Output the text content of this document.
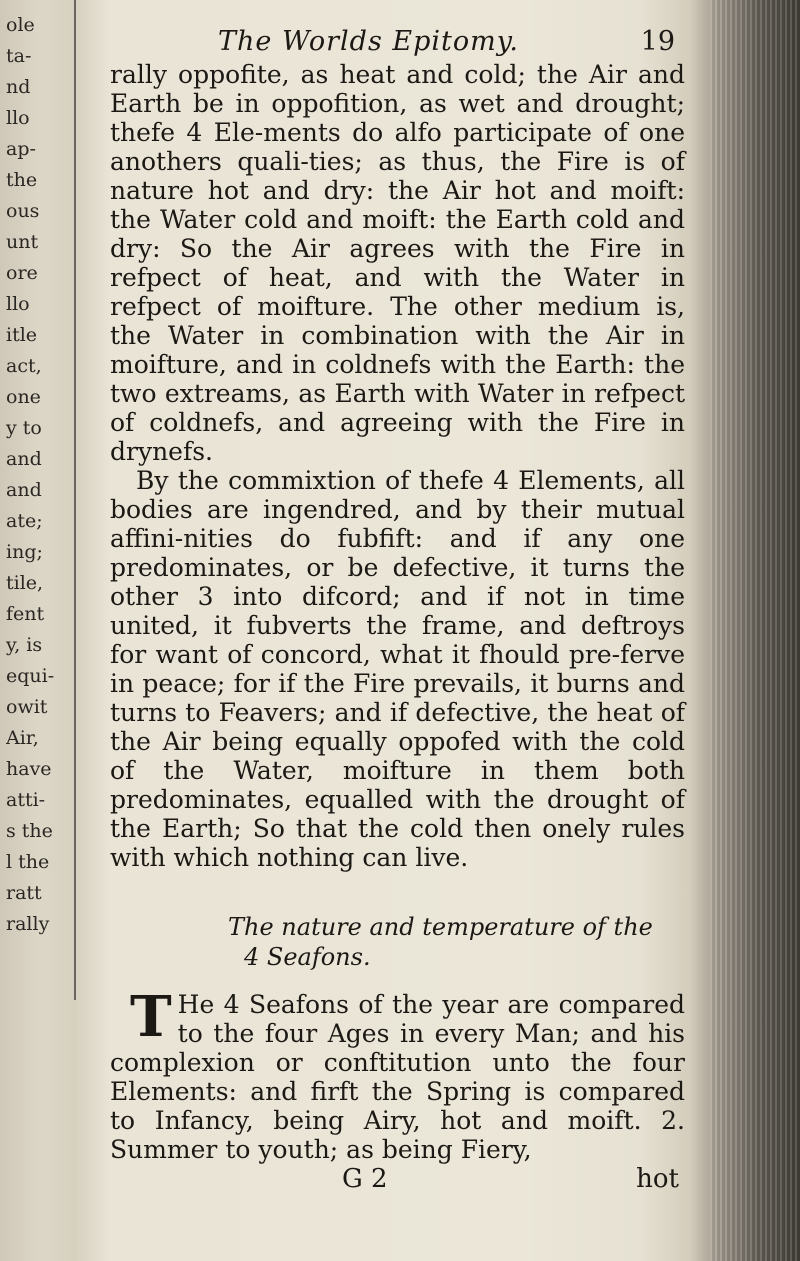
ole
ta-
nd
llo
ap-
the
ous
unt
ore
llo
itle
act,
one
y to
and
and
ate;
ing;
tile,
fent
y, is
equi-
owit
Air,
have
atti-
s the
l the
ratt
rally
The Worlds Epitomy.	19

rally oppofite, as heat and cold; the Air and Earth be in oppofition, as wet and drought; thefe 4 Ele-ments do alfo participate of one anothers quali-ties; as thus, the Fire is of nature hot and dry: the Air hot and moift: the Water cold and moift: the Earth cold and dry: So the Air agrees with the Fire in refpect of heat, and with the Water in refpect of moifture. The other medium is, the Water in combination with the Air in moifture, and in coldnefs with the Earth: the two extreams, as Earth with Water in refpect of coldnefs, and agreeing with the Fire in drynefs.

By the commixtion of thefe 4 Elements, all bodies are ingendred, and by their mutual affini-nities do fubfift: and if any one predominates, or be defective, it turns the other 3 into difcord; and if not in time united, it fubverts the frame, and deftroys for want of concord, what it fhould pre-ferve in peace; for if the Fire prevails, it burns and turns to Feavers; and if defective, the heat of the Air being equally oppofed with the cold of the Water, moifture in them both predominates, equalled with the drought of the Earth; So that the cold then onely rules with which nothing can live.

The nature and temperature of the
4 Seafons.
T He 4 Seafons of the year are compared to the four Ages in every Man; and his complexion or conftitution unto the four Elements: and firft the Spring is compared to Infancy, being Airy, hot and moift. 2. Summer to youth; as being Fiery,
G 2	hot
